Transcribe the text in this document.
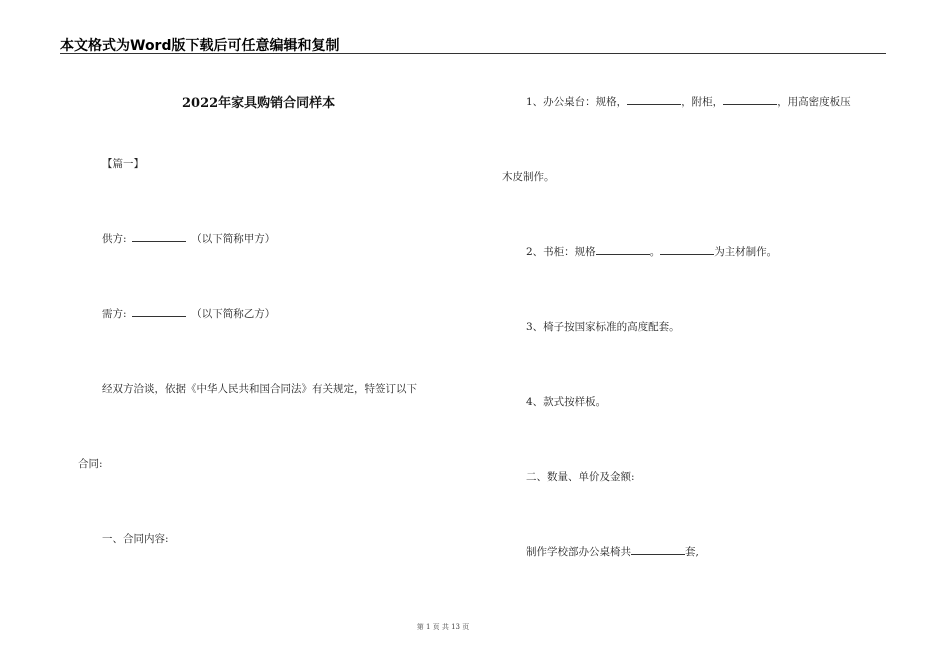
本文格式为Word版下载后可任意编辑和复制
2022年家具购销合同样本
【篇一】
供方:	（以下简称甲方）
需方:	（以下简称乙方）
经双方洽谈，依据《中华人民共和国合同法》有关规定，特签订以下
合同:
一、合同内容:
1、办公桌台：规格，	，附柜，	，用高密度板压
木皮制作。
2、书柜：规格	。	为主材制作。
3、椅子按国家标准的高度配套。
4、款式按样板。
二、数量、单价及金额:
制作学校部办公桌椅共	套,
第 1 页 共 13 页
